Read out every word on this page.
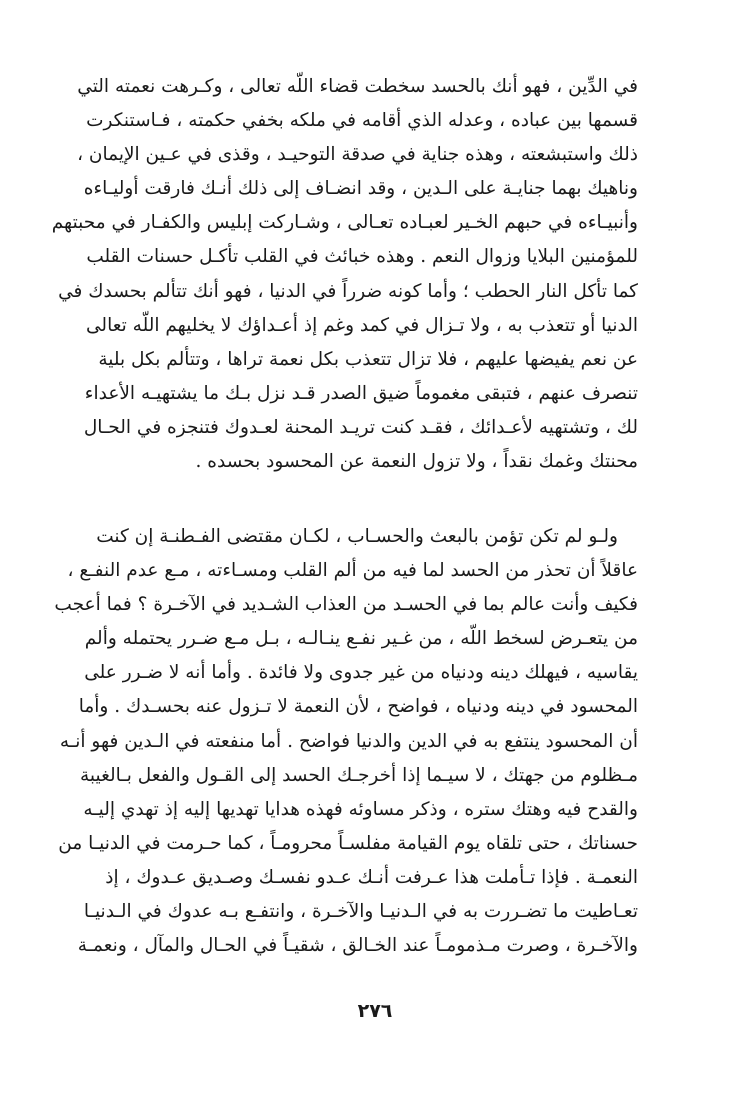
في الدِّين ، فهو أنك بالحسد سخطت قضاء اللّه تعالى ، وكـرهت نعمته التي
قسمها بين عباده ، وعدله الذي أقامه في ملكه بخفي حكمته ، فـاستنكرت
ذلك واستبشعته ، وهذه جناية في صدقة التوحيـد ، وقذى في عـين الإيمان ،
وناهيك بهما جنايـة على الـدين ، وقد انضـاف إلى ذلك أنـك فارقت أوليـاءه
وأنبيـاءه في حبهم الخـير لعبـاده تعـالى ، وشـاركت إبليس والكفـار في محبتهم
للمؤمنين البلايا وزوال النعم . وهذه خبائث في القلب تأكـل حسنات القلب
كما تأكل النار الحطب ؛ وأما كونه ضرراً في الدنيا ، فهو أنك تتألم بحسدك في
الدنيا أو تتعذب به ، ولا تـزال في كمد وغم إذ أعـداؤك لا يخليهم اللّه تعالى
عن نعم يفيضها عليهم ، فلا تزال تتعذب بكل نعمة تراها ، وتتألم بكل بلية
تنصرف عنهم ، فتبقى مغموماً ضيق الصدر قـد نزل بـك ما يشتهيـه الأعداء
لك ، وتشتهيه لأعـدائك ، فقـد كنت تريـد المحنة لعـدوك فتنجزه في الحـال
محنتك وغمك نقداً ، ولا تزول النعمة عن المحسود بحسده .
ولـو لم تكن تؤمن بالبعث والحسـاب ، لكـان مقتضى الفـطنـة إن كنت
عاقلاً أن تحذر من الحسد لما فيه من ألم القلب ومسـاءته ، مـع عدم النفـع ،
فكيف وأنت عالم بما في الحسـد من العذاب الشـديد في الآخـرة ؟ فما أعجب
من يتعـرض لسخط اللّه ، من غـير نفـع ينـالـه ، بـل مـع ضـرر يحتمله وألم
يقاسيه ، فيهلك دينه ودنياه من غير جدوى ولا فائدة . وأما أنه لا ضـرر على
المحسود في دينه ودنياه ، فواضح ، لأن النعمة لا تـزول عنه بحسـدك . وأما
أن المحسود ينتفع به في الدين والدنيا فواضح . أما منفعته في الـدين فهو أنـه
مـظلوم من جهتك ، لا سيـما إذا أخرجـك الحسد إلى القـول والفعل بـالغيبة
والقدح فيه وهتك ستره ، وذكر مساوئه فهذه هدايا تهديها إليه إذ تهدي إليـه
حسناتك ، حتى تلقاه يوم القيامة مفلسـاً محرومـاً ، كما حـرمت في الدنيـا من
النعمـة . فإذا تـأملت هذا عـرفت أنـك عـدو نفسـك وصـديق عـدوك ، إذ
تعـاطيت ما تضـررت به في الـدنيـا والآخـرة ، وانتفـع بـه عدوك في الـدنيـا
والآخـرة ، وصرت مـذمومـاً عند الخـالق ، شقيـاً في الحـال والمآل ، ونعمـة
٢٧٦
